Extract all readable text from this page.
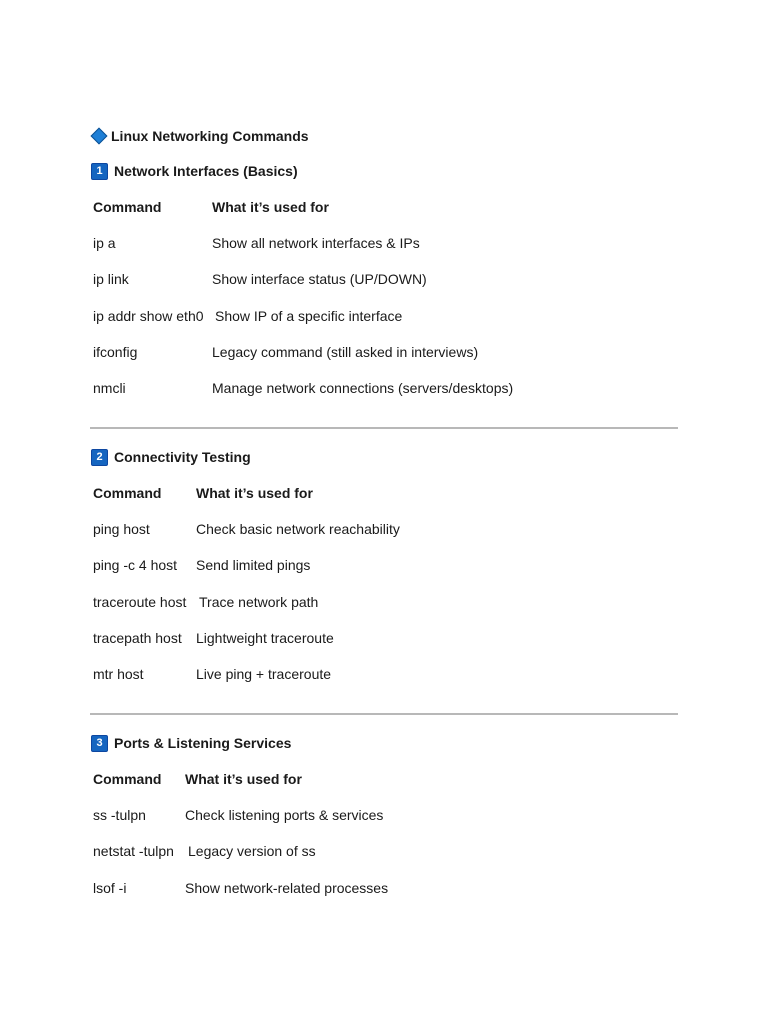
Linux Networking Commands
1 Network Interfaces (Basics)
Command	What it’s used for
ip a	Show all network interfaces & IPs
ip link	Show interface status (UP/DOWN)
ip addr show eth0 Show IP of a specific interface
ifconfig	Legacy command (still asked in interviews)
nmcli	Manage network connections (servers/desktops)
2 Connectivity Testing
Command What it’s used for
ping host	Check basic network reachability
ping -c 4 host Send limited pings
traceroute host Trace network path
tracepath host Lightweight traceroute
mtr host	Live ping + traceroute
3 Ports & Listening Services
Command What it’s used for
ss -tulpn	Check listening ports & services
netstat -tulpn Legacy version of ss
lsof -i	Show network-related processes
